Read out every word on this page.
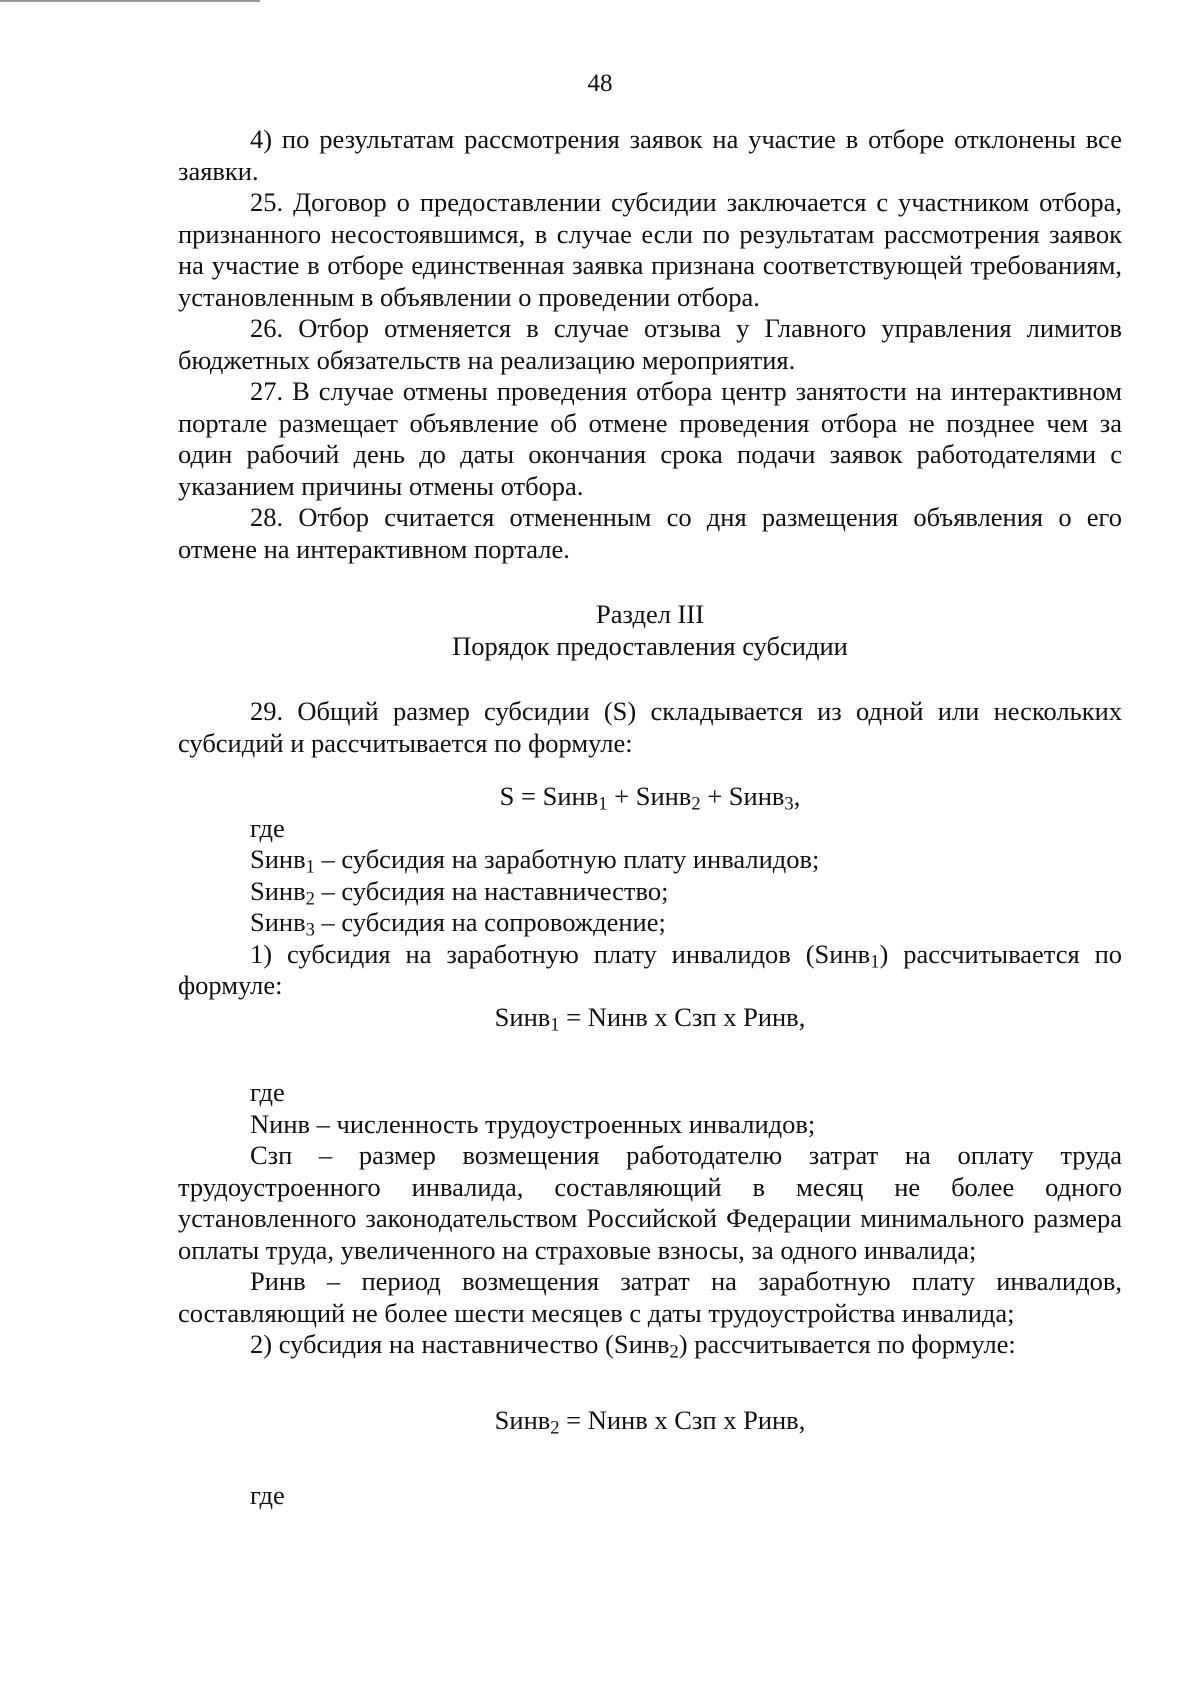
48

4) по результатам рассмотрения заявок на участие в отборе отклонены все заявки.

25. Договор о предоставлении субсидии заключается с участником отбора, признанного несостоявшимся, в случае если по результатам рассмотрения заявок на участие в отборе единственная заявка признана соответствующей требованиям, установленным в объявлении о проведении отбора.

26. Отбор отменяется в случае отзыва у Главного управления лимитов бюджетных обязательств на реализацию мероприятия.

27. В случае отмены проведения отбора центр занятости на интерактивном портале размещает объявление об отмене проведения отбора не позднее чем за один рабочий день до даты окончания срока подачи заявок работодателями с указанием причины отмены отбора.

28. Отбор считается отмененным со дня размещения объявления о его отмене на интерактивном портале.

Раздел III

Порядок предоставления субсидии

29. Общий размер субсидии (S) складывается из одной или нескольких субсидий и рассчитывается по формуле:

S = Sинв$_1$ + Sинв$_2$ + Sинв$_3$,

где

Sинв$_1$ – субсидия на заработную плату инвалидов;

Sинв$_2$ – субсидия на наставничество;

Sинв$_3$ – субсидия на сопровождение;

1) субсидия на заработную плату инвалидов (Sинв$_1$) рассчитывается по формуле:

Sинв$_1$ = Nинв х Сзп х Ринв,

где

Nинв – численность трудоустроенных инвалидов;

Сзп – размер возмещения работодателю затрат на оплату труда трудоустроенного инвалида, составляющий в месяц не более одного установленного законодательством Российской Федерации минимального размера оплаты труда, увеличенного на страховые взносы, за одного инвалида;

Ринв – период возмещения затрат на заработную плату инвалидов, составляющий не более шести месяцев с даты трудоустройства инвалида;

2) субсидия на наставничество (Sинв$_2$) рассчитывается по формуле:

Sинв$_2$ = Nинв х Сзп х Ринв,

где
